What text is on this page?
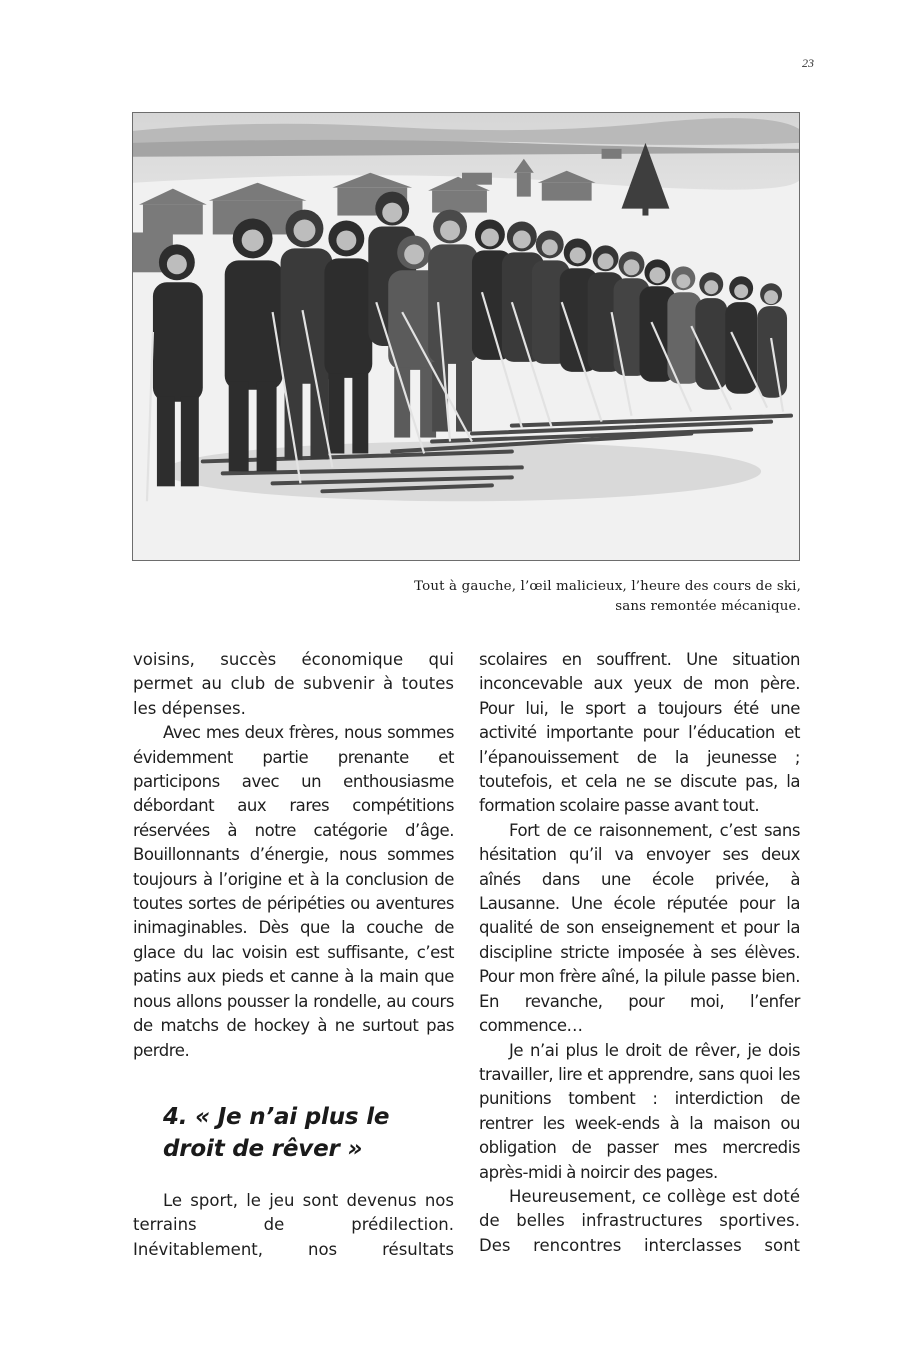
23
Tout à gauche, l’œil malicieux, l’heure des cours de ski,
sans remontée mécanique.

voisins, succès économique qui permet au club de subvenir à toutes les dépenses.

Avec mes deux frères, nous sommes évidemment partie prenante et participons avec un enthousiasme débordant aux rares compétitions réservées à notre catégorie d’âge. Bouillonnants d’énergie, nous sommes toujours à l’origine et à la conclusion de toutes sortes de péripéties ou aventures inimaginables. Dès que la couche de glace du lac voisin est suffisante, c’est patins aux pieds et canne à la main que nous allons pousser la rondelle, au cours de matchs de hockey à ne surtout pas perdre.

4. « Je n’ai plus le droit de rêver »

Le sport, le jeu sont devenus nos terrains de prédilection. Inévitablement, nos résultats

scolaires en souffrent. Une situation inconcevable aux yeux de mon père. Pour lui, le sport a toujours été une activité importante pour l’éducation et l’épanouissement de la jeunesse ; toutefois, et cela ne se discute pas, la formation scolaire passe avant tout.

Fort de ce raisonnement, c’est sans hésitation qu’il va envoyer ses deux aînés dans une école privée, à Lausanne. Une école réputée pour la qualité de son enseignement et pour la discipline stricte imposée à ses élèves. Pour mon frère aîné, la pilule passe bien. En revanche, pour moi, l’enfer commence…

Je n’ai plus le droit de rêver, je dois travailler, lire et apprendre, sans quoi les punitions tombent : interdiction de rentrer les week-ends à la maison ou obligation de passer mes mercredis après-midi à noircir des pages.

Heureusement, ce collège est doté de belles infrastructures sportives. Des rencontres interclasses sont
